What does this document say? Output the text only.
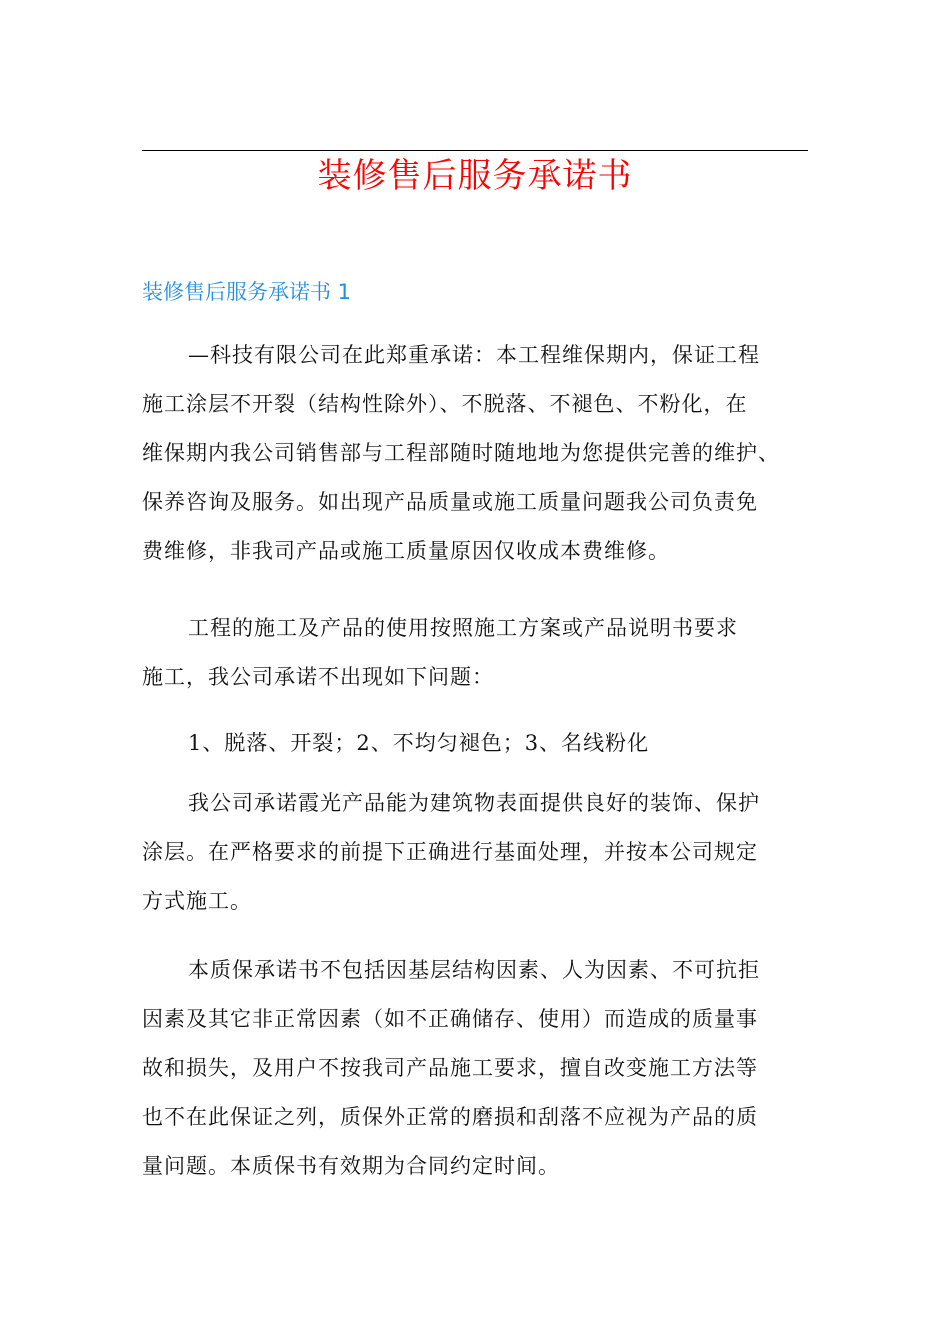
装修售后服务承诺书
装修售后服务承诺书 1
—科技有限公司在此郑重承诺：本工程维保期内，保证工程
施工涂层不开裂（结构性除外）、不脱落、不褪色、不粉化，在
维保期内我公司销售部与工程部随时随地地为您提供完善的维护、
保养咨询及服务。如出现产品质量或施工质量问题我公司负责免
费维修，非我司产品或施工质量原因仅收成本费维修。
工程的施工及产品的使用按照施工方案或产品说明书要求
施工，我公司承诺不出现如下问题：
1、脱落、开裂；2、不均匀褪色；3、名线粉化
我公司承诺霞光产品能为建筑物表面提供良好的装饰、保护
涂层。在严格要求的前提下正确进行基面处理，并按本公司规定
方式施工。
本质保承诺书不包括因基层结构因素、人为因素、不可抗拒
因素及其它非正常因素（如不正确储存、使用）而造成的质量事
故和损失，及用户不按我司产品施工要求，擅自改变施工方法等
也不在此保证之列，质保外正常的磨损和刮落不应视为产品的质
量问题。本质保书有效期为合同约定时间。
